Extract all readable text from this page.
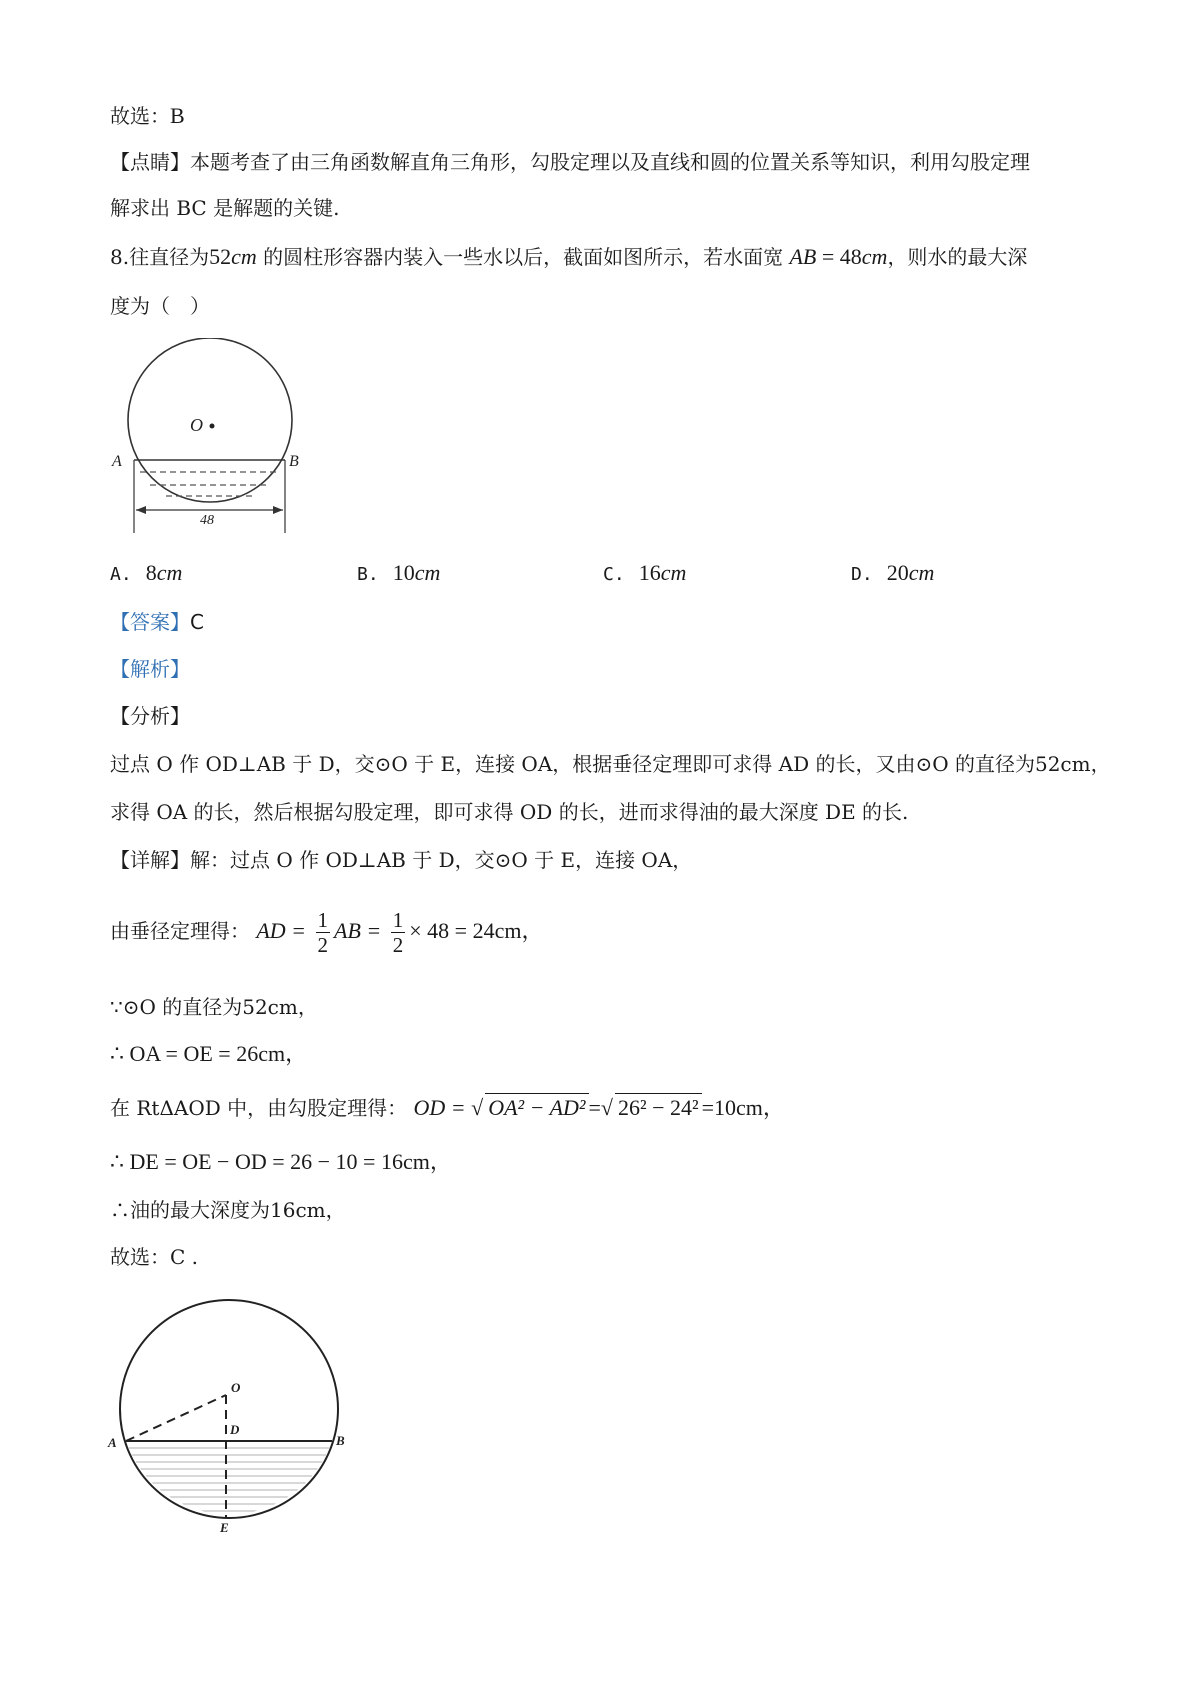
故选：B
【点睛】本题考查了由三角函数解直角三角形，勾股定理以及直线和圆的位置关系等知识，利用勾股定理
解求出 BC 是解题的关键.
8.往直径为52cm 的圆柱形容器内装入一些水以后，截面如图所示，若水面宽 AB = 48cm，则水的最大深
度为（　）
O
A	B
48
A. 8cm	B. 10cm	C. 16cm	D. 20cm
【答案】C
【解析】
【分析】
过点 O 作 OD⊥AB 于 D，交⊙O 于 E，连接 OA，根据垂径定理即可求得 AD 的长，又由⊙O 的直径为52cm，
求得 OA 的长，然后根据勾股定理，即可求得 OD 的长，进而求得油的最大深度 DE 的长.
【详解】解：过点 O 作 OD⊥AB 于 D，交⊙O 于 E，连接 OA，
由垂径定理得： AD = $\frac{1}{2}$ AB = $\frac{1}{2} \times 48 = 24cm$，
∵⊙O 的直径为52cm，
∴ OA = OE = 26cm，
在 RtΔAOD 中，由勾股定理得： OD = √ OA² − AD² =√ 26² − 24² =10cm，
∴ DE = OE − OD = 26 − 10 = 16cm，
∴油的最大深度为16cm，
故选：C .
O
A	B
D
E
